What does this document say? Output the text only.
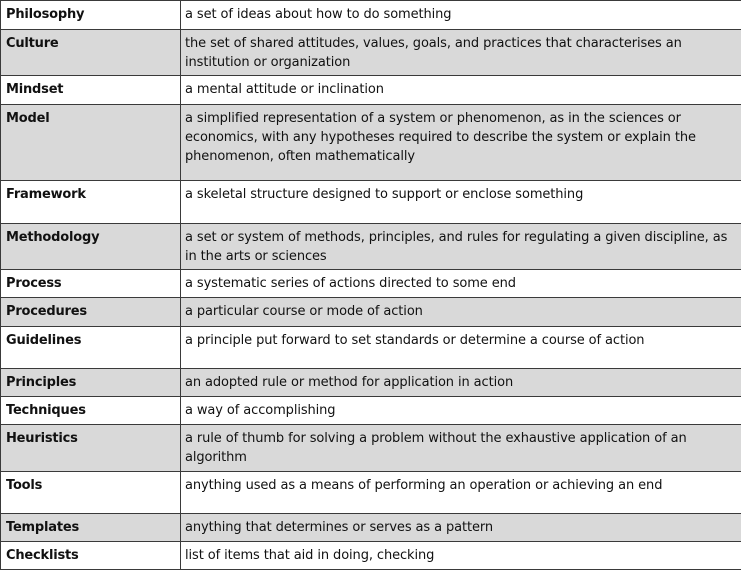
Philosophy	a set of ideas about how to do something
Culture	the set of shared attitudes, values, goals, and practices that characterises an institution or organization
Mindset	a mental attitude or inclination
Model	a simplified representation of a system or phenomenon, as in the sciences or economics, with any hypotheses required to describe the system or explain the phenomenon, often mathematically
Framework	a skeletal structure designed to support or enclose something
Methodology	a set or system of methods, principles, and rules for regulating a given discipline, as in the arts or sciences
Process	a systematic series of actions directed to some end
Procedures	a particular course or mode of action
Guidelines	a principle put forward to set standards or determine a course of action
Principles	an adopted rule or method for application in action
Techniques	a way of accomplishing
Heuristics	a rule of thumb for solving a problem without the exhaustive application of an algorithm
Tools	anything used as a means of performing an operation or achieving an end
Templates	anything that determines or serves as a pattern
Checklists	list of items that aid in doing, checking
